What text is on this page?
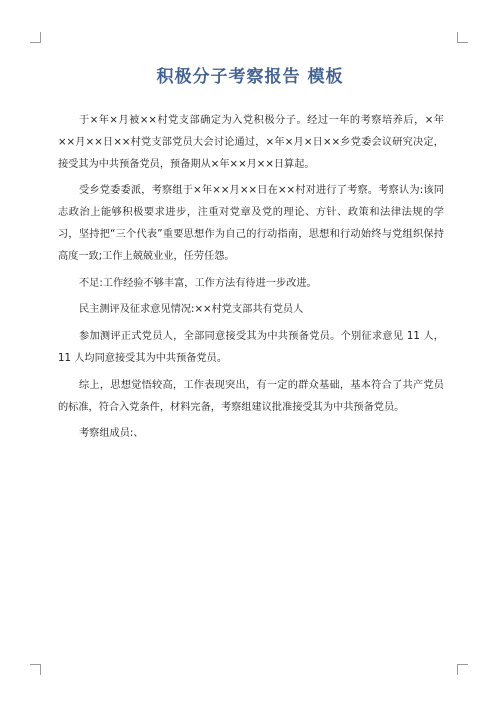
积极分子考察报告 模板

于×年×月被××村党支部确定为入党积极分子。经过一年的考察培养后，×年××月××日××村党支部党员大会讨论通过，×年×月×日××乡党委会议研究决定，接受其为中共预备党员，预备期从×年××月××日算起。

受乡党委委派，考察组于×年××月××日在××村对进行了考察。考察认为:该同志政治上能够积极要求进步，注重对党章及党的理论、方针、政策和法律法规的学习，坚持把“三个代表”重要思想作为自己的行动指南，思想和行动始终与党组织保持高度一致;工作上兢兢业业，任劳任怨。

不足:工作经验不够丰富，工作方法有待进一步改进。

民主测评及征求意见情况:××村党支部共有党员人

参加测评正式党员人，全部同意接受其为中共预备党员。个别征求意见 11 人，11 人均同意接受其为中共预备党员。

综上，思想觉悟较高，工作表现突出，有一定的群众基础，基本符合了共产党员的标准，符合入党条件，材料完备，考察组建议批准接受其为中共预备党员。

考察组成员:、
